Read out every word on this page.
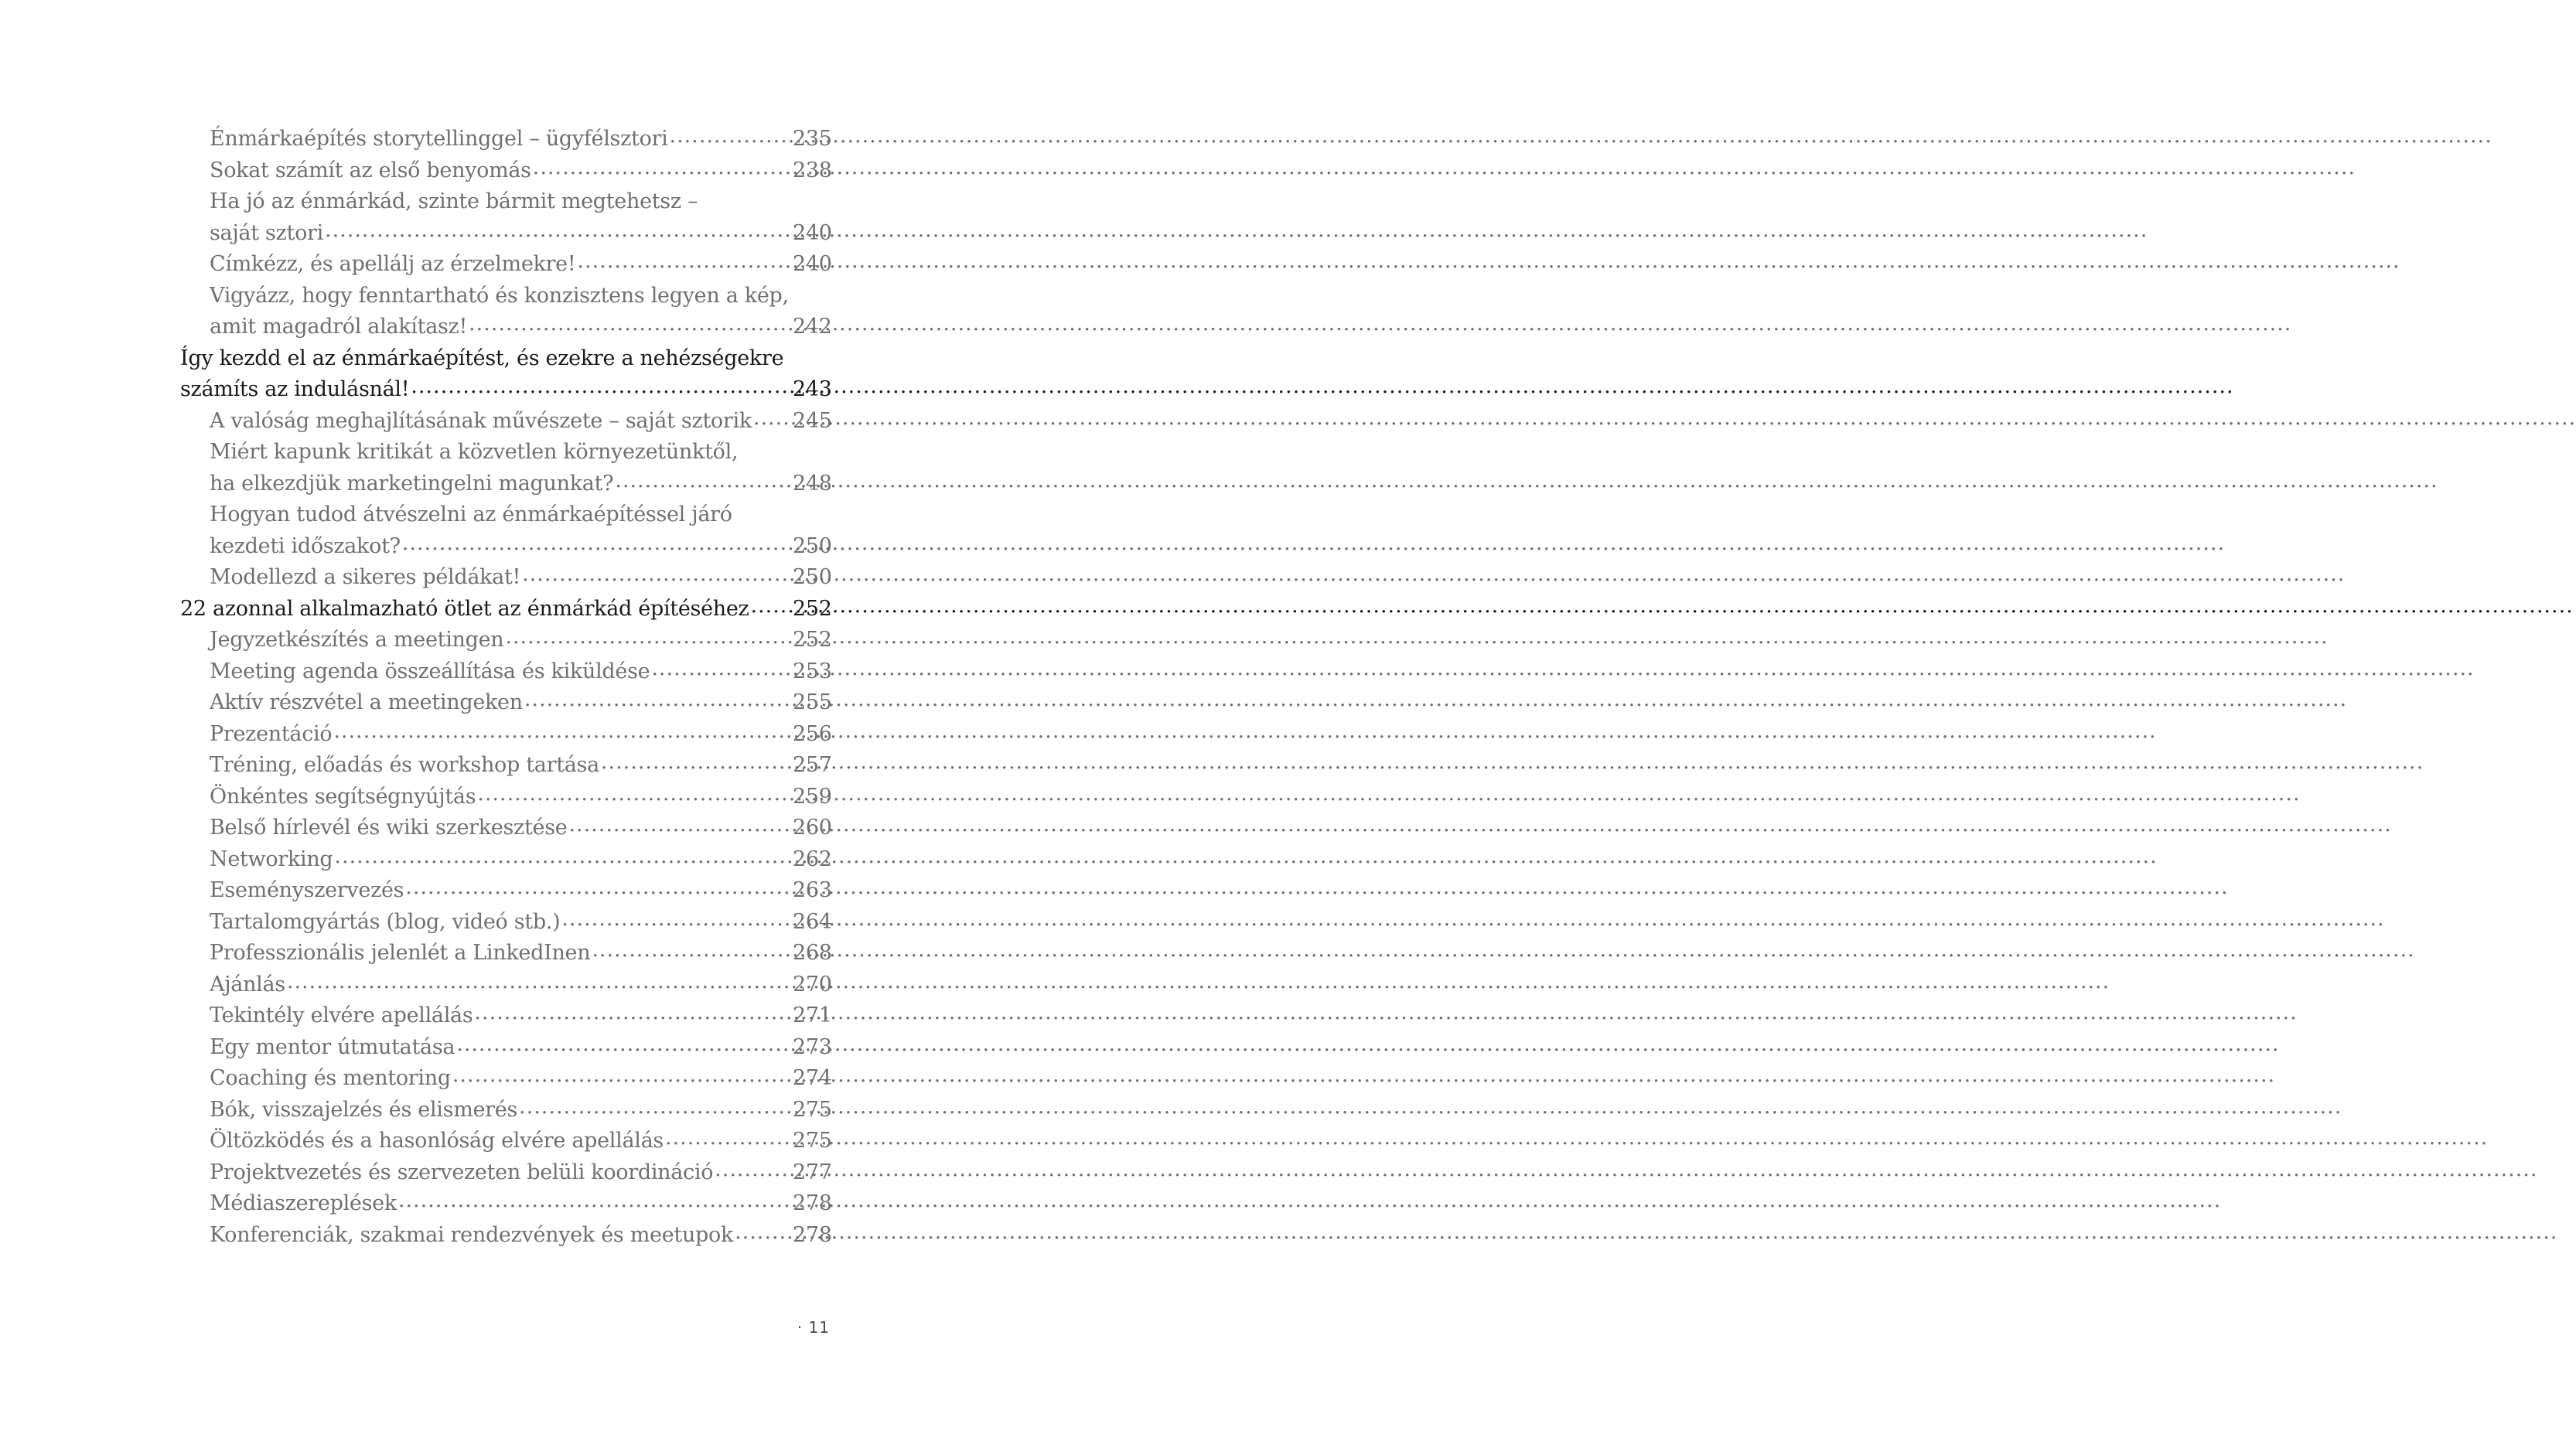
Énmárkaépítés storytellinggel – ügyfélsztori .....	235
Sokat számít az első benyomás .....	238
Ha jó az énmárkád, szinte bármit megtehetsz –
saját sztori .....	240
Címkézz, és apellálj az érzelmekre! .....	240
Vigyázz, hogy fenntartható és konzisztens legyen a kép,
amit magadról alakítasz! .....	242
Így kezdd el az énmárkaépítést, és ezekre a nehézségekre
számíts az indulásnál! .....	243
A valóság meghajlításának művészete – saját sztorik ..... 245
Miért kapunk kritikát a közvetlen környezetünktől,
ha elkezdjük marketingelni magunkat? .....	248
Hogyan tudod átvészelni az énmárkaépítéssel járó
kezdeti időszakot? .....	250
Modellezd a sikeres példákat! .....	250
22 azonnal alkalmazható ötlet az énmárkád építéséhez ..... 252
Jegyzetkészítés a meetingen .....	252
Meeting agenda összeállítása és kiküldése .....	253
Aktív részvétel a meetingeken .....	255
Prezentáció .....	256
Tréning, előadás és workshop tartása .....	257
Önkéntes segítségnyújtás .....	259
Belső hírlevél és wiki szerkesztése .....	260
Networking .....	262
Eseményszervezés .....	263
Tartalomgyártás (blog, videó stb.) .....	264
Professzionális jelenlét a LinkedInen .....	268
Ajánlás .....	270
Tekintély elvére apellálás .....	271
Egy mentor útmutatása .....	273
Coaching és mentoring .....	274
Bók, visszajelzés és elismerés .....	275
Öltözködés és a hasonlóság elvére apellálás .....	275
Projektvezetés és szervezeten belüli koordináció .....	277
Médiaszereplések .....	278
Konferenciák, szakmai rendezvények és meetupok .....	278
· 11
